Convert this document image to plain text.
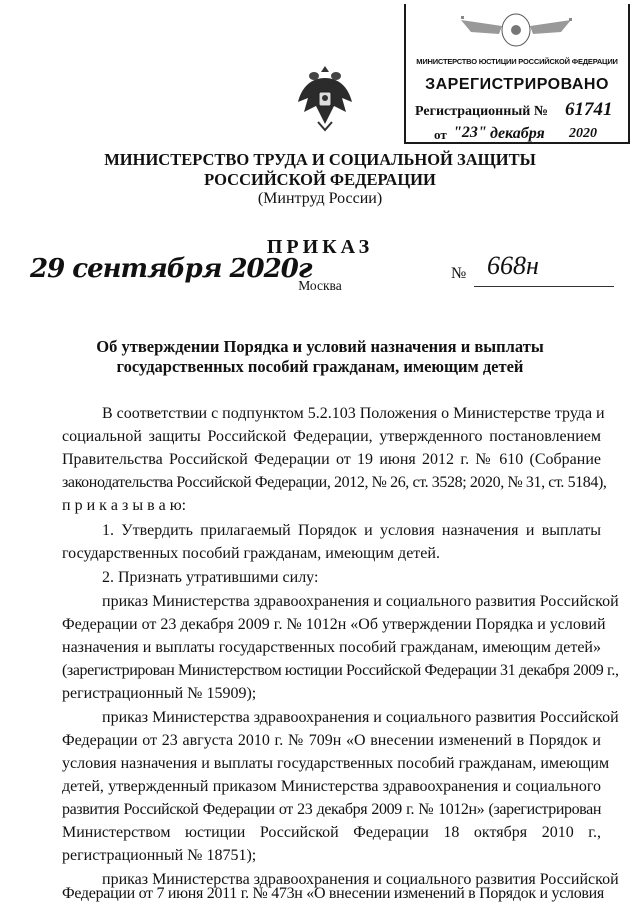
МИНИСТЕРСТВО ЮСТИЦИИ РОССИЙСКОЙ ФЕДЕРАЦИИ
ЗАРЕГИСТРИРОВАНО
Регистрационный № 61741
от "23" декабря 2020
МИНИСТЕРСТВО ТРУДА И СОЦИАЛЬНОЙ ЗАЩИТЫ
РОССИЙСКОЙ ФЕДЕРАЦИИ
(Минтруд России)
ПРИКАЗ
29 сентября 2020г	№ 668н
Москва
Об утверждении Порядка и условий назначения и выплаты
государственных пособий гражданам, имеющим детей
В соответствии с подпунктом 5.2.103 Положения о Министерстве труда и
социальной защиты Российской Федерации, утвержденного постановлением
Правительства Российской Федерации от 19 июня 2012 г. № 610 (Собрание
законодательства Российской Федерации, 2012, № 26, ст. 3528; 2020, № 31, ст. 5184),
п р и к а з ы в а ю:
1. Утвердить прилагаемый Порядок и условия назначения и выплаты
государственных пособий гражданам, имеющим детей.
2. Признать утратившими силу:
приказ Министерства здравоохранения и социального развития Российской
Федерации от 23 декабря 2009 г. № 1012н «Об утверждении Порядка и условий
назначения и выплаты государственных пособий гражданам, имеющим детей»
(зарегистрирован Министерством юстиции Российской Федерации 31 декабря 2009 г.,
регистрационный № 15909);
приказ Министерства здравоохранения и социального развития Российской
Федерации от 23 августа 2010 г. № 709н «О внесении изменений в Порядок и
условия назначения и выплаты государственных пособий гражданам, имеющим
детей, утвержденный приказом Министерства здравоохранения и социального
развития Российской Федерации от 23 декабря 2009 г. № 1012н» (зарегистрирован
Министерством юстиции Российской Федерации 18 октября 2010 г.,
регистрационный № 18751);
приказ Министерства здравоохранения и социального развития Российской
Федерации от 7 июня 2011 г. № 473н «О внесении изменений в Порядок и условия
